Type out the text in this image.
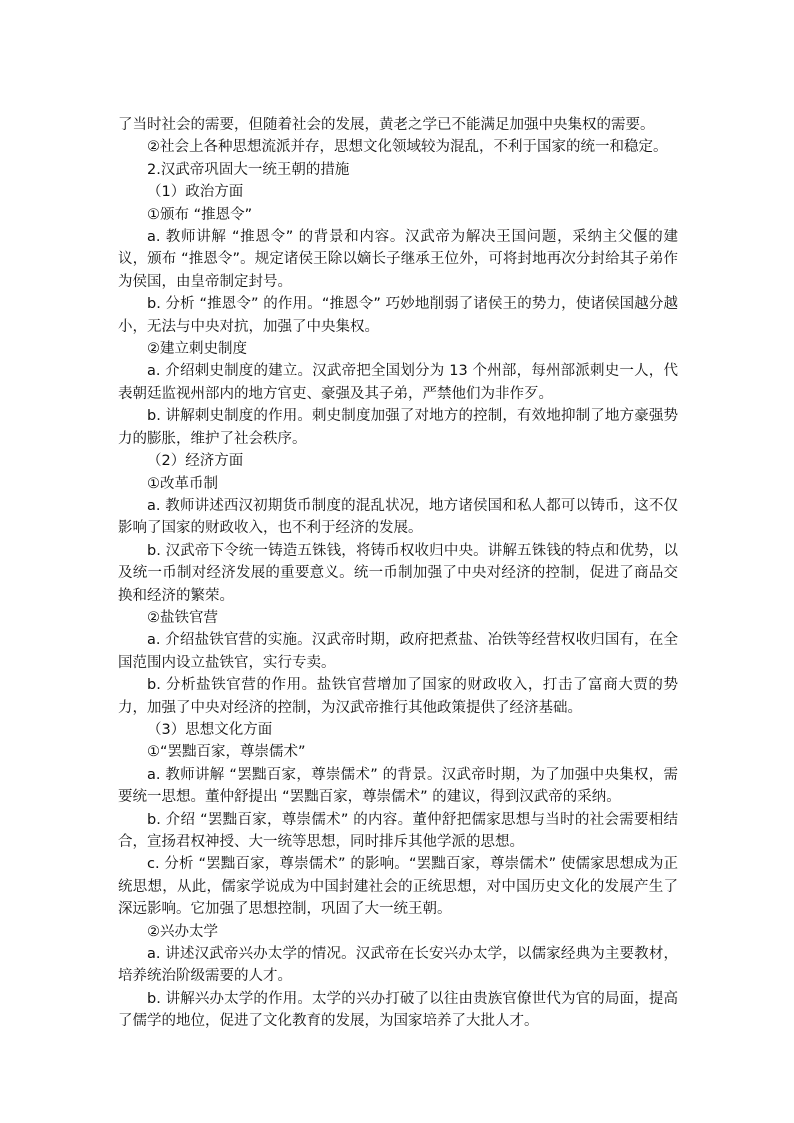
了当时社会的需要，但随着社会的发展，黄老之学已不能满足加强中央集权的需要。

②社会上各种思想流派并存，思想文化领域较为混乱，不利于国家的统一和稳定。

2.汉武帝巩固大一统王朝的措施

（1）政治方面

①颁布 “推恩令”

a. 教师讲解 “推恩令” 的背景和内容。汉武帝为解决王国问题，采纳主父偃的建议，颁布 “推恩令”。规定诸侯王除以嫡长子继承王位外，可将封地再次分封给其子弟作为侯国，由皇帝制定封号。

b. 分析 “推恩令” 的作用。“推恩令” 巧妙地削弱了诸侯王的势力，使诸侯国越分越小，无法与中央对抗，加强了中央集权。

②建立刺史制度

a. 介绍刺史制度的建立。汉武帝把全国划分为 13 个州部，每州部派刺史一人，代表朝廷监视州部内的地方官吏、豪强及其子弟，严禁他们为非作歹。

b. 讲解刺史制度的作用。刺史制度加强了对地方的控制，有效地抑制了地方豪强势力的膨胀，维护了社会秩序。

（2）经济方面

①改革币制

a. 教师讲述西汉初期货币制度的混乱状况，地方诸侯国和私人都可以铸币，这不仅影响了国家的财政收入，也不利于经济的发展。

b. 汉武帝下令统一铸造五铢钱，将铸币权收归中央。讲解五铢钱的特点和优势，以及统一币制对经济发展的重要意义。统一币制加强了中央对经济的控制，促进了商品交换和经济的繁荣。

②盐铁官营

a. 介绍盐铁官营的实施。汉武帝时期，政府把煮盐、冶铁等经营权收归国有，在全国范围内设立盐铁官，实行专卖。

b. 分析盐铁官营的作用。盐铁官营增加了国家的财政收入，打击了富商大贾的势力，加强了中央对经济的控制，为汉武帝推行其他政策提供了经济基础。

（3）思想文化方面

①“罢黜百家，尊崇儒术”

a. 教师讲解 “罢黜百家，尊崇儒术” 的背景。汉武帝时期，为了加强中央集权，需要统一思想。董仲舒提出 “罢黜百家，尊崇儒术” 的建议，得到汉武帝的采纳。

b. 介绍 “罢黜百家，尊崇儒术” 的内容。董仲舒把儒家思想与当时的社会需要相结合，宣扬君权神授、大一统等思想，同时排斥其他学派的思想。

c. 分析 “罢黜百家，尊崇儒术” 的影响。“罢黜百家，尊崇儒术” 使儒家思想成为正统思想，从此，儒家学说成为中国封建社会的正统思想，对中国历史文化的发展产生了深远影响。它加强了思想控制，巩固了大一统王朝。

②兴办太学

a. 讲述汉武帝兴办太学的情况。汉武帝在长安兴办太学，以儒家经典为主要教材，培养统治阶级需要的人才。

b. 讲解兴办太学的作用。太学的兴办打破了以往由贵族官僚世代为官的局面，提高了儒学的地位，促进了文化教育的发展，为国家培养了大批人才。
